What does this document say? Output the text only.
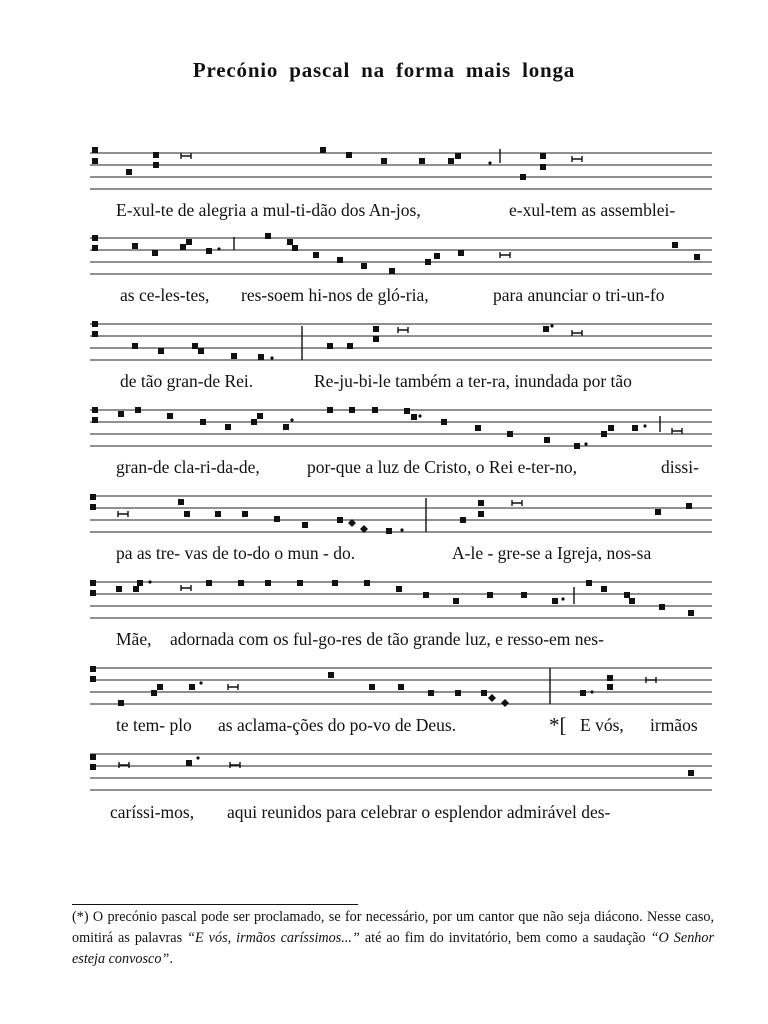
Precónio pascal na forma mais longa
E-xul-te de alegria a mul-ti-dão dos An-jos,	e-xul-tem as assemblei-
as ce-les-tes, res-soem hi-nos de gló-ria,	para anunciar o tri-un-fo
de tão gran-de Rei.	Re-ju-bi-le também a ter-ra, inundada por tão
gran-de cla-ri-da-de,	por-que a luz de Cristo, o Rei e-ter-no,	dissi-
pa as tre- vas de to-do o mun - do.	A-le - gre-se a Igreja, nos-sa
Mãe, adornada com os ful-go-res de tão grande luz, e resso-em nes-
te tem- plo as aclama-ções do po-vo de Deus.	*[ E vós, irmãos
caríssi-mos, aqui reunidos para celebrar o esplendor admirável des-
(*) O precónio pascal pode ser proclamado, se for necessário, por um cantor que não seja diácono. Nesse caso, omitirá as palavras “E vós, irmãos caríssimos...” até ao fim do invitatório, bem como a saudação “O Senhor esteja convosco”.
